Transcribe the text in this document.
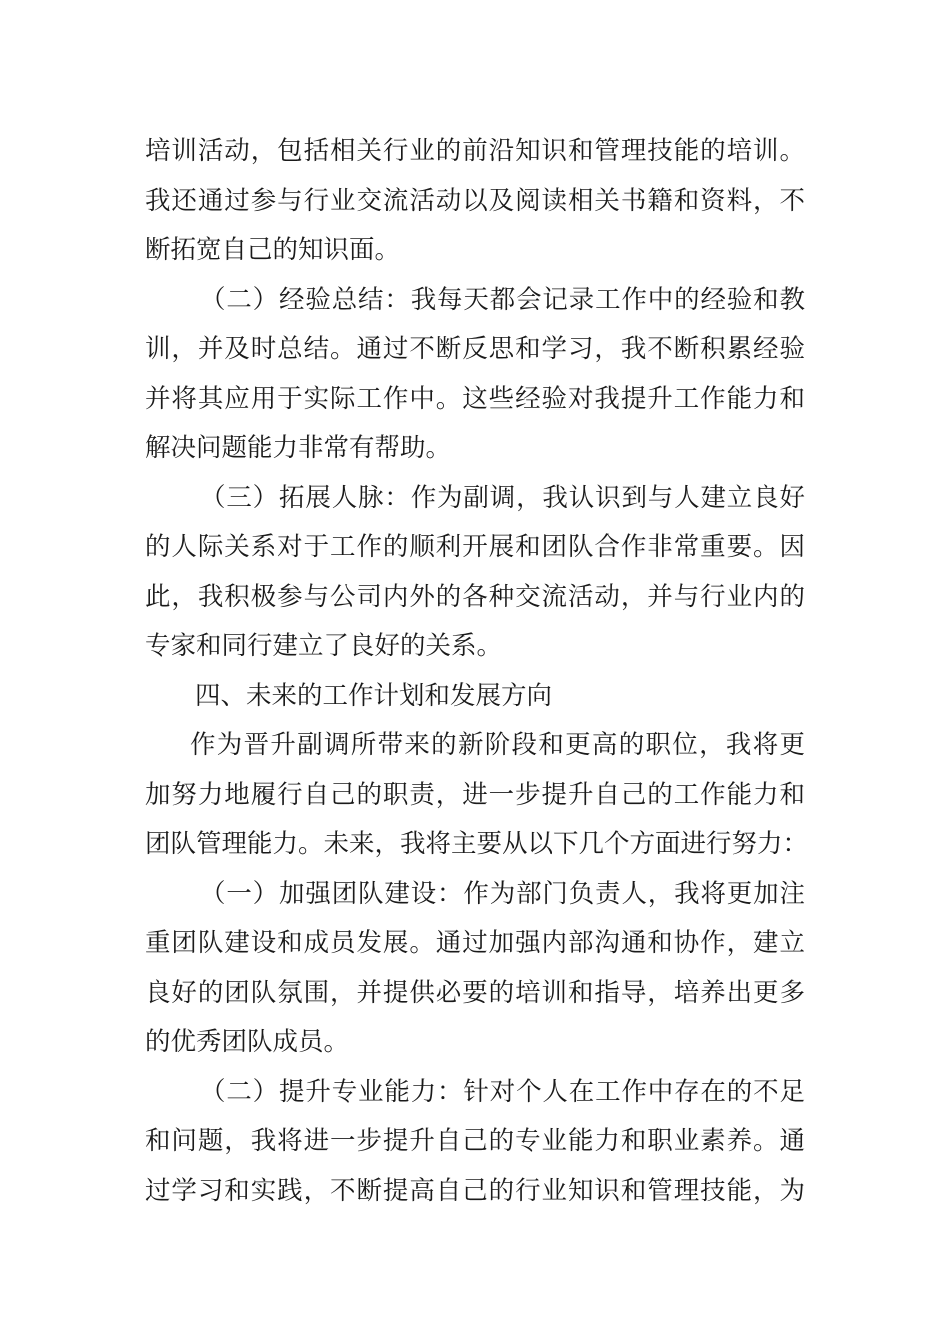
培训活动，包括相关行业的前沿知识和管理技能的培训。
我还通过参与行业交流活动以及阅读相关书籍和资料，不
断拓宽自己的知识面。

（二）经验总结：我每天都会记录工作中的经验和教
训，并及时总结。通过不断反思和学习，我不断积累经验
并将其应用于实际工作中。这些经验对我提升工作能力和
解决问题能力非常有帮助。

（三）拓展人脉：作为副调，我认识到与人建立良好
的人际关系对于工作的顺利开展和团队合作非常重要。因
此，我积极参与公司内外的各种交流活动，并与行业内的
专家和同行建立了良好的关系。

四、未来的工作计划和发展方向

作为晋升副调所带来的新阶段和更高的职位，我将更
加努力地履行自己的职责，进一步提升自己的工作能力和
团队管理能力。未来，我将主要从以下几个方面进行努力：

（一）加强团队建设：作为部门负责人，我将更加注
重团队建设和成员发展。通过加强内部沟通和协作，建立
良好的团队氛围，并提供必要的培训和指导，培养出更多
的优秀团队成员。

（二）提升专业能力：针对个人在工作中存在的不足
和问题，我将进一步提升自己的专业能力和职业素养。通
过学习和实践，不断提高自己的行业知识和管理技能，为
